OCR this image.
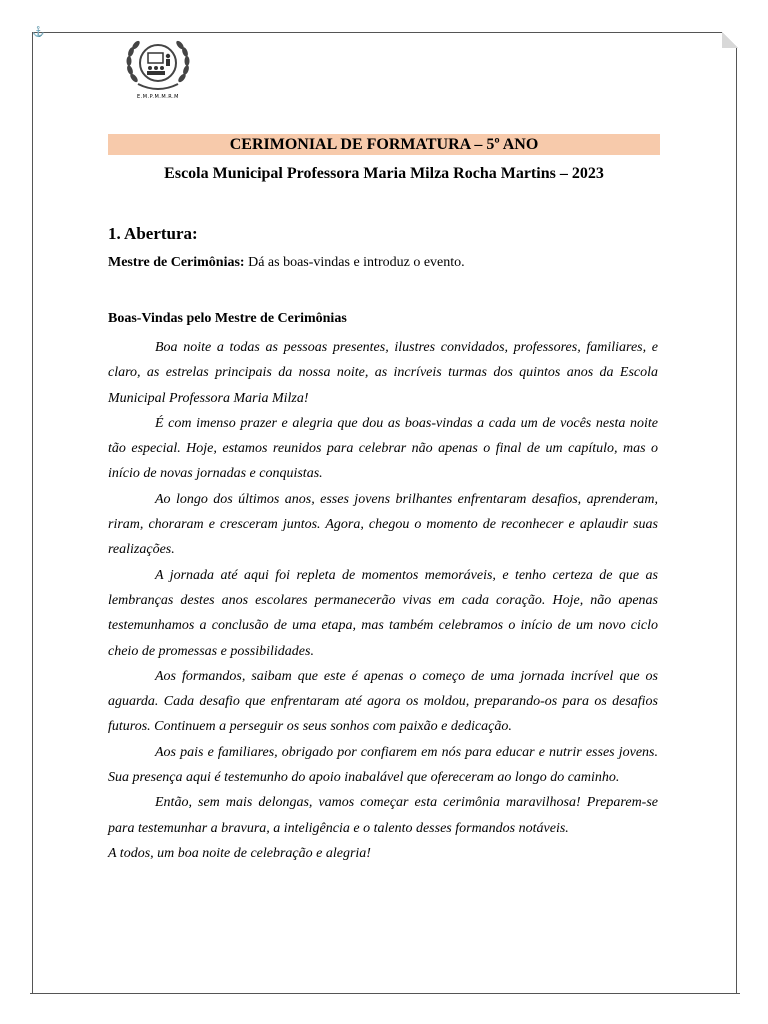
⚓
E.M.P.M.M.R.M
CERIMONIAL DE FORMATURA – 5º ANO
Escola Municipal Professora Maria Milza Rocha Martins – 2023
1. Abertura:
Mestre de Cerimônias: Dá as boas-vindas e introduz o evento.
Boas-Vindas pelo Mestre de Cerimônias

Boa noite a todas as pessoas presentes, ilustres convidados, professores, familiares, e claro, as estrelas principais da nossa noite, as incríveis turmas dos quintos anos da Escola Municipal Professora Maria Milza!

É com imenso prazer e alegria que dou as boas-vindas a cada um de vocês nesta noite tão especial. Hoje, estamos reunidos para celebrar não apenas o final de um capítulo, mas o início de novas jornadas e conquistas.

Ao longo dos últimos anos, esses jovens brilhantes enfrentaram desafios, aprenderam, riram, choraram e cresceram juntos. Agora, chegou o momento de reconhecer e aplaudir suas realizações.

A jornada até aqui foi repleta de momentos memoráveis, e tenho certeza de que as lembranças destes anos escolares permanecerão vivas em cada coração. Hoje, não apenas testemunhamos a conclusão de uma etapa, mas também celebramos o início de um novo ciclo cheio de promessas e possibilidades.

Aos formandos, saibam que este é apenas o começo de uma jornada incrível que os aguarda. Cada desafio que enfrentaram até agora os moldou, preparando-os para os desafios futuros. Continuem a perseguir os seus sonhos com paixão e dedicação.

Aos pais e familiares, obrigado por confiarem em nós para educar e nutrir esses jovens. Sua presença aqui é testemunho do apoio inabalável que ofereceram ao longo do caminho.

Então, sem mais delongas, vamos começar esta cerimônia maravilhosa! Preparem-se para testemunhar a bravura, a inteligência e o talento desses formandos notáveis.

A todos, um boa noite de celebração e alegria!
